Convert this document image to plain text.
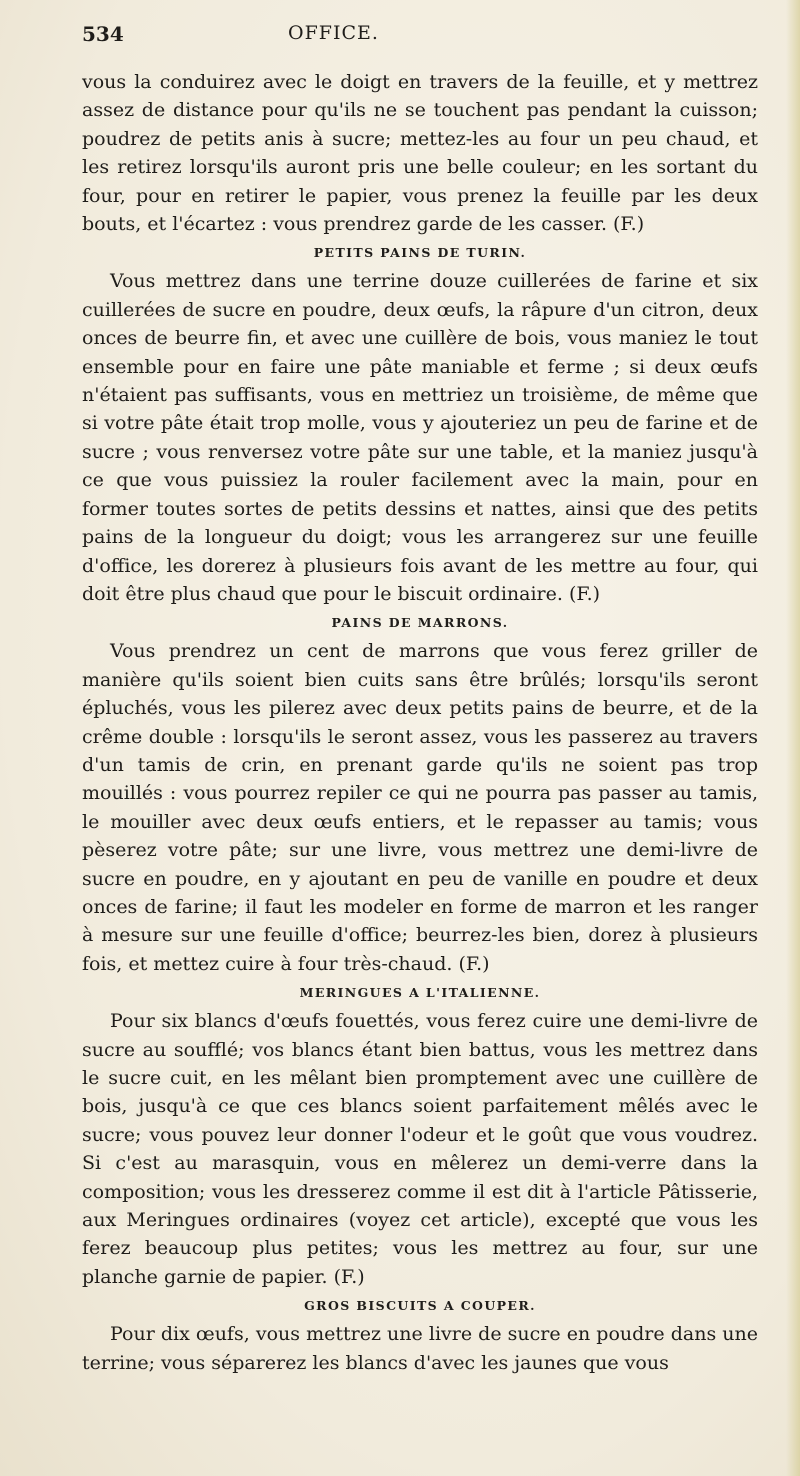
534	OFFICE.

vous la conduirez avec le doigt en travers de la feuille, et y mettrez assez de distance pour qu'ils ne se touchent pas pendant la cuisson; poudrez de petits anis à sucre; mettez-les au four un peu chaud, et les retirez lorsqu'ils auront pris une belle couleur; en les sortant du four, pour en retirer le papier, vous prenez la feuille par les deux bouts, et l'écartez : vous prendrez garde de les casser. (F.)

PETITS PAINS DE TURIN.

Vous mettrez dans une terrine douze cuillerées de farine et six cuillerées de sucre en poudre, deux œufs, la râpure d'un citron, deux onces de beurre fin, et avec une cuillère de bois, vous maniez le tout ensemble pour en faire une pâte maniable et ferme ; si deux œufs n'étaient pas suffisants, vous en mettriez un troisième, de même que si votre pâte était trop molle, vous y ajouteriez un peu de farine et de sucre ; vous renversez votre pâte sur une table, et la maniez jusqu'à ce que vous puissiez la rouler facilement avec la main, pour en former toutes sortes de petits dessins et nattes, ainsi que des petits pains de la longueur du doigt; vous les arrangerez sur une feuille d'office, les dorerez à plusieurs fois avant de les mettre au four, qui doit être plus chaud que pour le biscuit ordinaire. (F.)

PAINS DE MARRONS.

Vous prendrez un cent de marrons que vous ferez griller de manière qu'ils soient bien cuits sans être brûlés; lorsqu'ils seront épluchés, vous les pilerez avec deux petits pains de beurre, et de la crême double : lorsqu'ils le seront assez, vous les passerez au travers d'un tamis de crin, en prenant garde qu'ils ne soient pas trop mouillés : vous pourrez repiler ce qui ne pourra pas passer au tamis, le mouiller avec deux œufs entiers, et le repasser au tamis; vous pèserez votre pâte; sur une livre, vous mettrez une demi-livre de sucre en poudre, en y ajoutant en peu de vanille en poudre et deux onces de farine; il faut les modeler en forme de marron et les ranger à mesure sur une feuille d'office; beurrez-les bien, dorez à plusieurs fois, et mettez cuire à four très-chaud. (F.)

MERINGUES A L'ITALIENNE.

Pour six blancs d'œufs fouettés, vous ferez cuire une demi-livre de sucre au soufflé; vos blancs étant bien battus, vous les mettrez dans le sucre cuit, en les mêlant bien promptement avec une cuillère de bois, jusqu'à ce que ces blancs soient parfaitement mêlés avec le sucre; vous pouvez leur donner l'odeur et le goût que vous voudrez. Si c'est au marasquin, vous en mêlerez un demi-verre dans la composition; vous les dresserez comme il est dit à l'article Pâtisserie, aux Meringues ordinaires (voyez cet article), excepté que vous les ferez beaucoup plus petites; vous les mettrez au four, sur une planche garnie de papier. (F.)

GROS BISCUITS A COUPER.

Pour dix œufs, vous mettrez une livre de sucre en poudre dans une terrine; vous séparerez les blancs d'avec les jaunes que vous
